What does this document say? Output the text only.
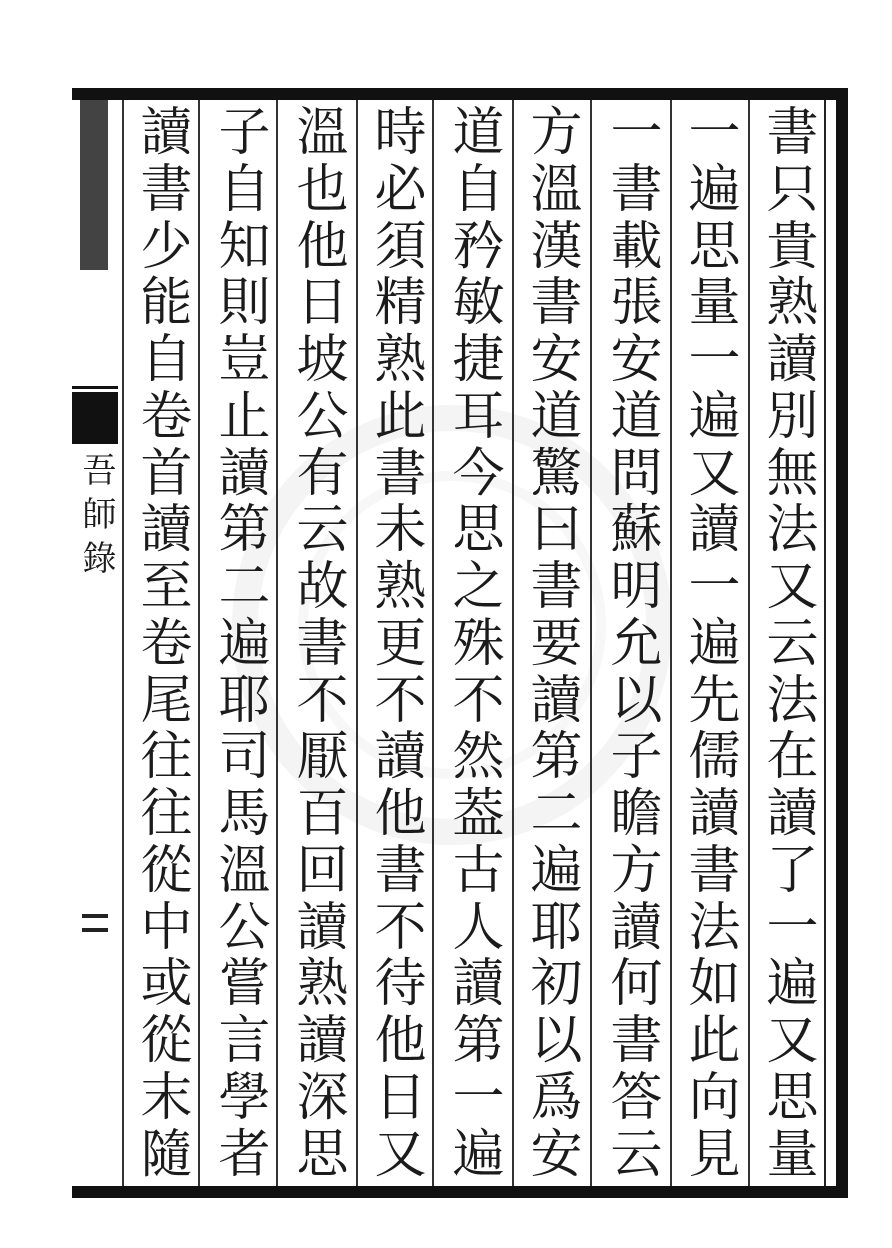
吾師錄
書
只
貴
熟
讀
別
無
法
又
云
法
在
讀
了
一
遍
又
思
量
一
遍
思
量
一
遍
又
讀
一
遍
先
儒
讀
書
法
如
此
向
見
一
書
載
張
安
道
問
蘇
明
允
以
子
瞻
方
讀
何
書
答
云
方
溫
漢
書
安
道
驚
曰
書
要
讀
第
二
遍
耶
初
以
爲
安
道
自
矜
敏
捷
耳
今
思
之
殊
不
然
葢
古
人
讀
第
一
遍
時
必
須
精
熟
此
書
未
熟
更
不
讀
他
書
不
待
他
日
又
溫
也
他
日
坡
公
有
云
故
書
不
厭
百
回
讀
熟
讀
深
思
子
自
知
則
豈
止
讀
第
二
遍
耶
司
馬
溫
公
嘗
言
學
者
讀
書
少
能
自
卷
首
讀
至
卷
尾
往
往
從
中
或
從
末
隨
